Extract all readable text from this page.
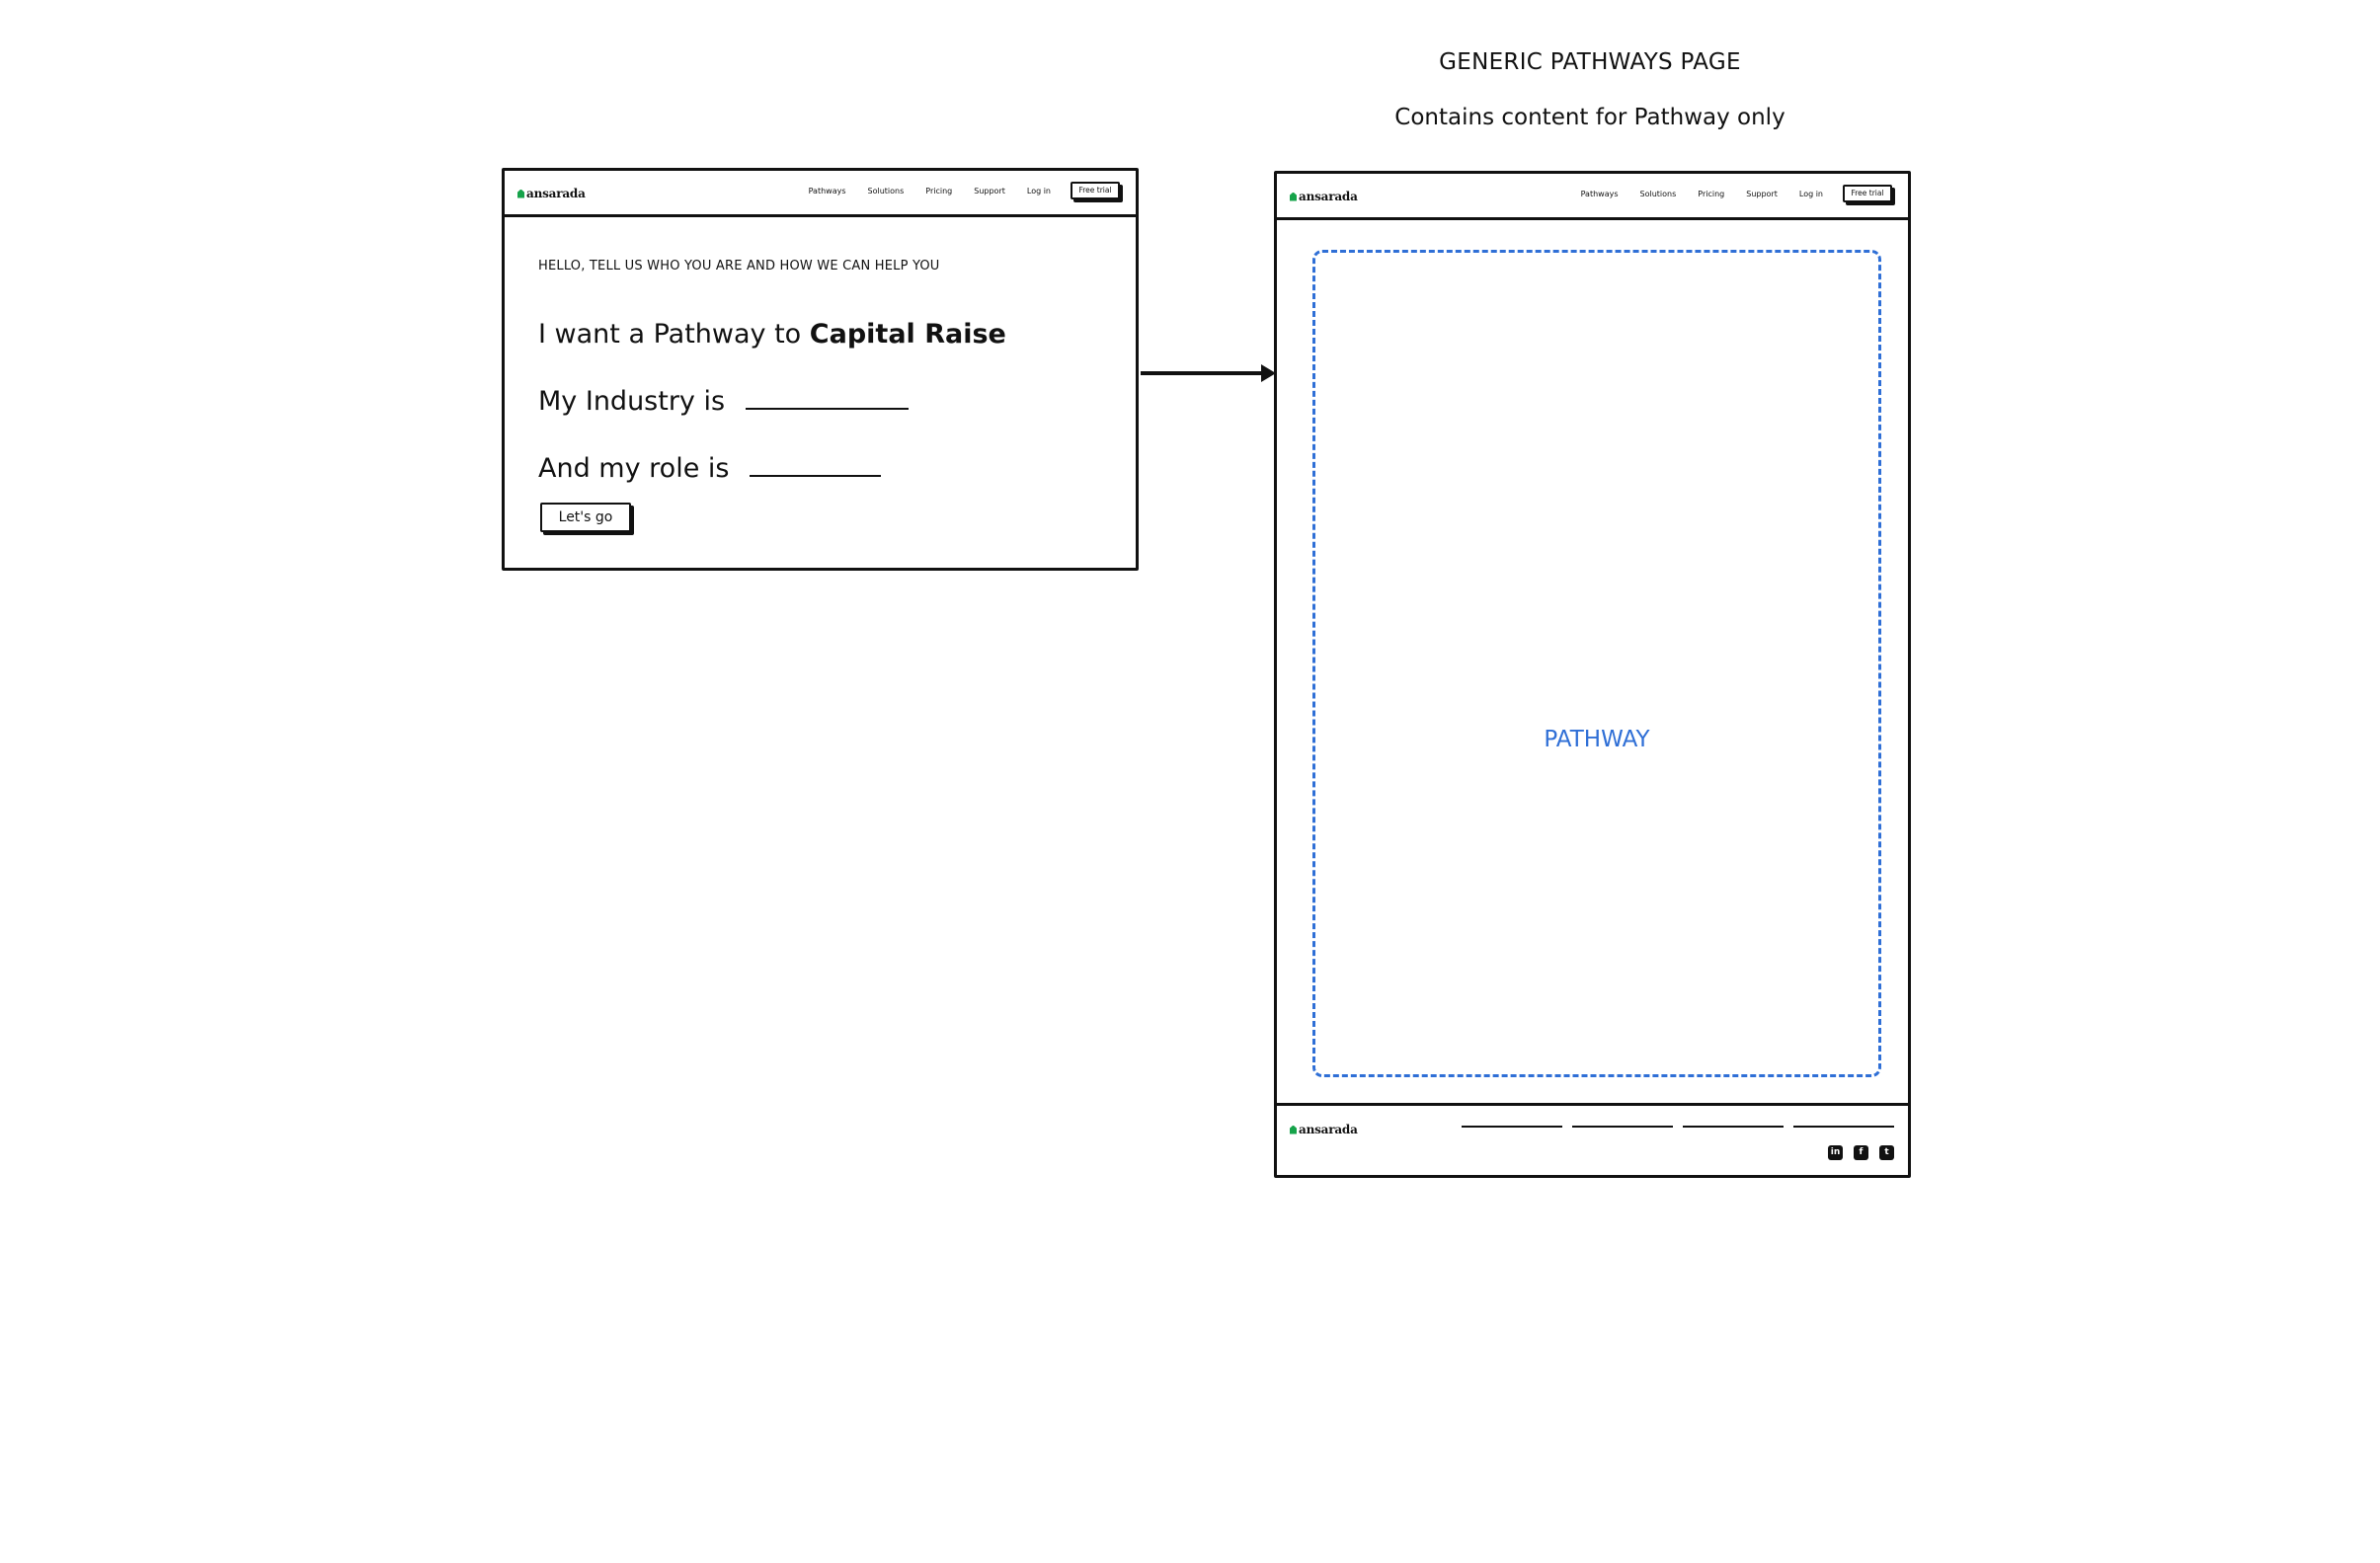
GENERIC PATHWAYS PAGE
Contains content for Pathway only
ansarada	Pathways	Solutions	Pricing	Support	Log in	Free trial
HELLO, TELL US WHO YOU ARE AND HOW WE CAN HELP YOU
I want a Pathway to Capital Raise
My Industry is
And my role is
Let's go
ansarada	Pathways	Solutions	Pricing	Support	Log in	Free trial
PATHWAY
ansarada
in	f	t
